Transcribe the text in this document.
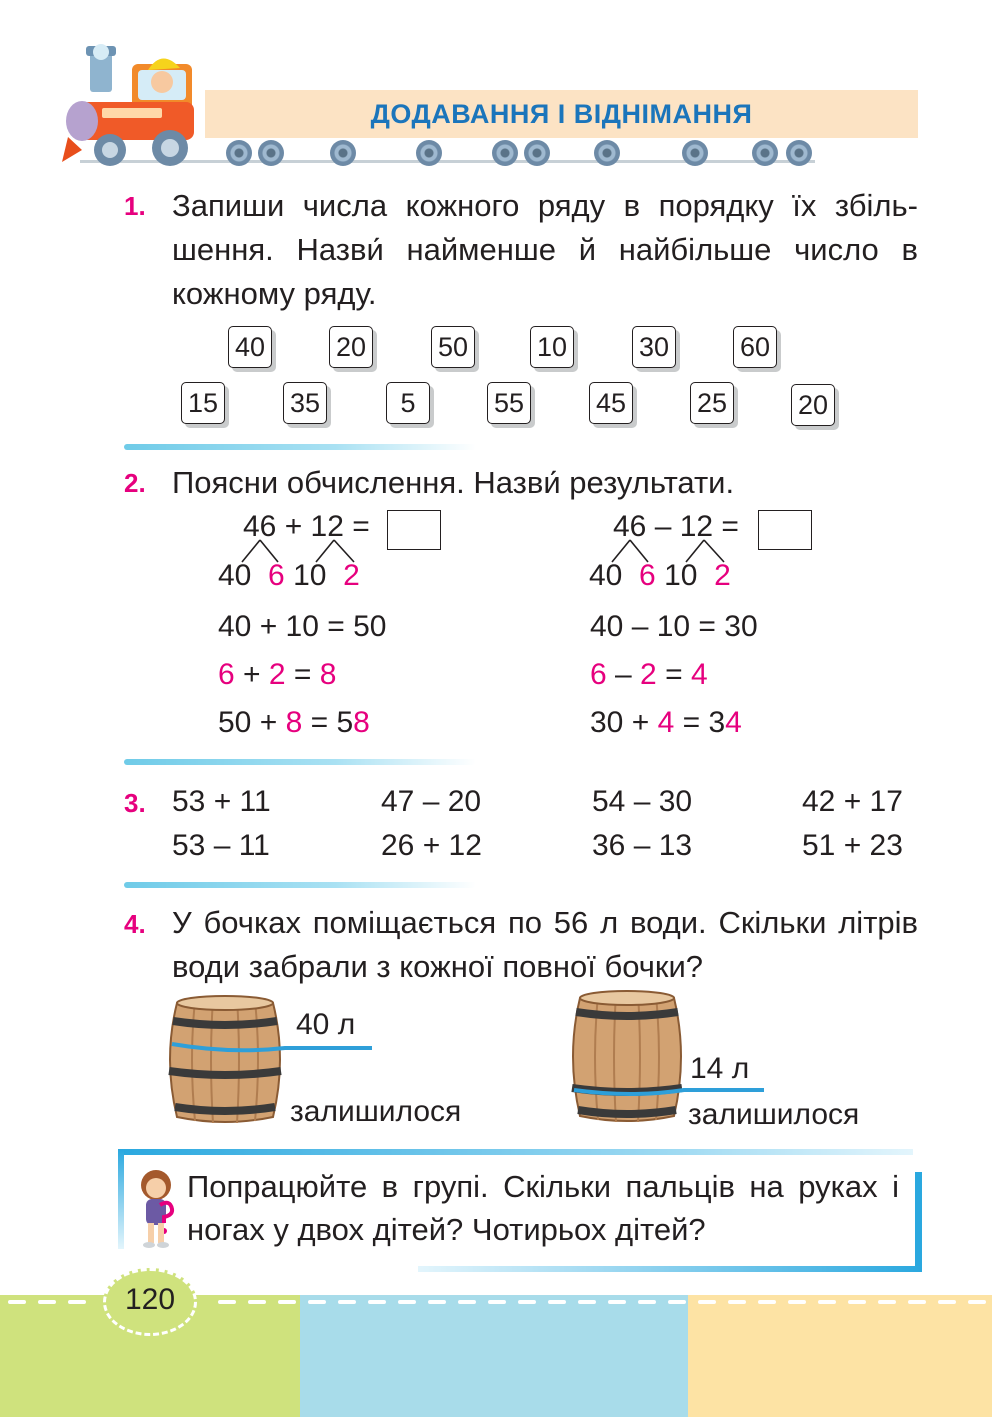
ДОДАВАННЯ І ВІДНІМАННЯ
1. Запиши числа кожного ряду в порядку їх збіль-
шення. Назви́ найменше й найбільше число в
кожному ряду.
40	20	50	10	30	60
15	35	5	55	45	25	20
2. Поясни обчислення. Назви́ результати.
46 + 12 =
40 6 10 2
40 + 10 = 50
6 + 2 = 8
50 + 8 = 58
46 – 12 =
40 6 10 2
40 – 10 = 30
6 – 2 = 4
30 + 4 = 34
3. 53 + 11	47 – 20	54 – 30	42 + 17
53 – 11	26 + 12	36 – 13	51 + 23
4. У бочках поміщається по 56 л води. Скільки літрів
води забрали з кожної повної бочки?
40 л
залишилося
14 л
залишилося
Попрацюйте в групі. Скільки пальців на руках і
ногах у двох дітей? Чотирьох дітей?
120
